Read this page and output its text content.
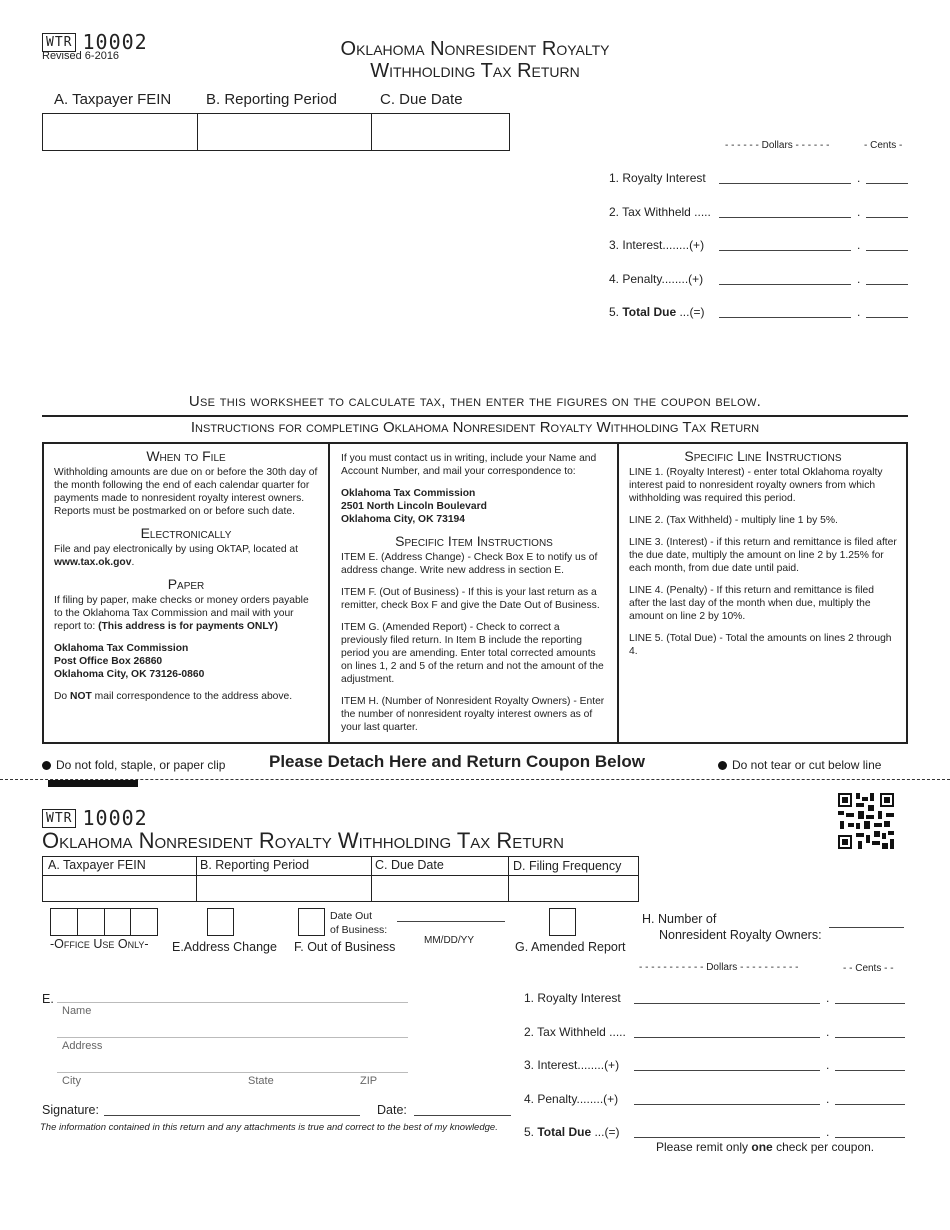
WTR 10002
Revised 6-2016	Oklahoma Nonresident Royalty
Withholding Tax Return
A. Taxpayer FEIN B. Reporting Period	C. Due Date
- - - - - - Dollars - - - - - -	- Cents -
1. Royalty Interest	.
2. Tax Withheld .....	.
3. Interest........(+)	.
4. Penalty........(+)	.
5. Total Due ...(=)	.
Use this worksheet to calculate tax, then enter the figures on the coupon below.
Instructions for completing Oklahoma Nonresident Royalty Withholding Tax Return
When to File

Withholding amounts are due on or before the 30th day of the month following the end of each calendar quarter for payments made to nonresident royalty interest owners. Reports must be postmarked on or before such date.

Electronically

File and pay electronically by using OkTAP, located at www.tax.ok.gov.

Paper

If filing by paper, make checks or money orders payable to the Oklahoma Tax Commission and mail with your report to: (This address is for payments ONLY)

Oklahoma Tax Commission
Post Office Box 26860
Oklahoma City, OK 73126-0860

Do NOT mail correspondence to the address above.

If you must contact us in writing, include your Name and Account Number, and mail your correspondence to:

Oklahoma Tax Commission
2501 North Lincoln Boulevard
Oklahoma City, OK 73194

Specific Item Instructions

ITEM E. (Address Change) - Check Box E to notify us of address change. Write new address in section E.

ITEM F. (Out of Business) - If this is your last return as a remitter, check Box F and give the Date Out of Business.

ITEM G. (Amended Report) - Check to correct a previously filed return. In Item B include the reporting period you are amending. Enter total corrected amounts on lines 1, 2 and 5 of the return and not the amount of the adjustment.

ITEM H. (Number of Nonresident Royalty Owners) - Enter the number of nonresident royalty interest owners as of your last quarter.

Specific Line Instructions

LINE 1. (Royalty Interest) - enter total Oklahoma royalty interest paid to nonresident royalty owners from which withholding was required this period.

LINE 2. (Tax Withheld) - multiply line 1 by 5%.

LINE 3. (Interest) - if this return and remittance is filed after the due date, multiply the amount on line 2 by 1.25% for each month, from due date until paid.

LINE 4. (Penalty) - If this return and remittance is filed after the last day of the month when due, multiply the amount on line 2 by 10%.

LINE 5. (Total Due) - Total the amounts on lines 2 through 4.

Do not fold, staple, or paper clip	Please Detach Here and Return Coupon Below	Do not tear or cut below line
WTR 10002
Oklahoma Nonresident Royalty Withholding Tax Return
A. Taxpayer FEIN	B. Reporting Period	C. Due Date	D. Filing Frequency
-Office Use Only- E.Address Change F. Out of Business
Date Out
of Business:
MM/DD/YY	G. Amended Report
H. Number of
Nonresident Royalty Owners:
- - - - - - - - - - - Dollars - - - - - - - - - -	- - Cents - -
1. Royalty Interest	.
2. Tax Withheld .....	.
3. Interest........(+)	.
4. Penalty........(+)	.
5. Total Due ...(=)	.
E.
Name
Address
City	State	ZIP
Signature:	Date:
The information contained in this return and any attachments is true and correct to the best of my knowledge.
Please remit only one check per coupon.
